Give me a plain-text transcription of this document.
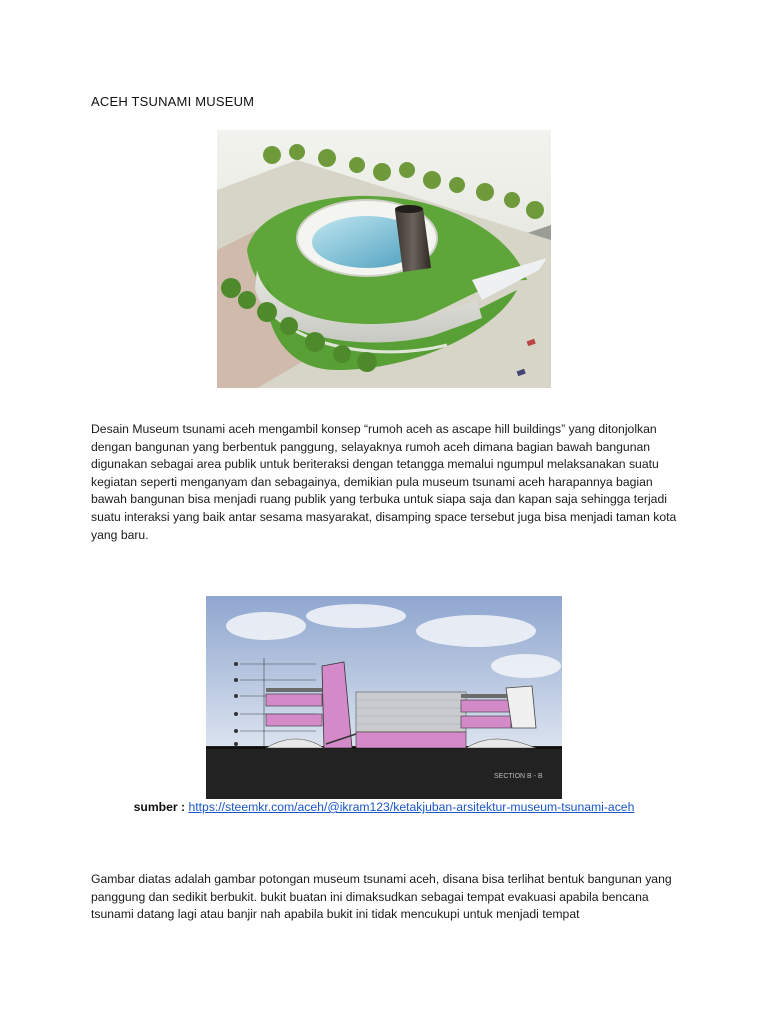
ACEH TSUNAMI MUSEUM

Desain Museum tsunami aceh mengambil konsep “rumoh aceh as ascape hill buildings” yang ditonjolkan dengan bangunan yang berbentuk panggung, selayaknya rumoh aceh dimana bagian bawah bangunan digunakan sebagai area publik untuk beriteraksi dengan tetangga memalui ngumpul melaksanakan suatu kegiatan seperti menganyam dan sebagainya, demikian pula museum tsunami aceh harapannya bagian bawah bangunan bisa menjadi ruang publik yang terbuka untuk siapa saja dan kapan saja sehingga terjadi suatu interaksi yang baik antar sesama masyarakat, disamping space tersebut juga bisa menjadi taman kota yang baru.

SECTION B - B
sumber : https://steemkr.com/aceh/@ikram123/ketakjuban-arsitektur-museum-tsunami-aceh

Gambar diatas adalah gambar potongan museum tsunami aceh, disana bisa terlihat bentuk bangunan yang panggung dan sedikit berbukit. bukit buatan ini dimaksudkan sebagai tempat evakuasi apabila bencana tsunami datang lagi atau banjir nah apabila bukit ini tidak mencukupi untuk menjadi tempat
